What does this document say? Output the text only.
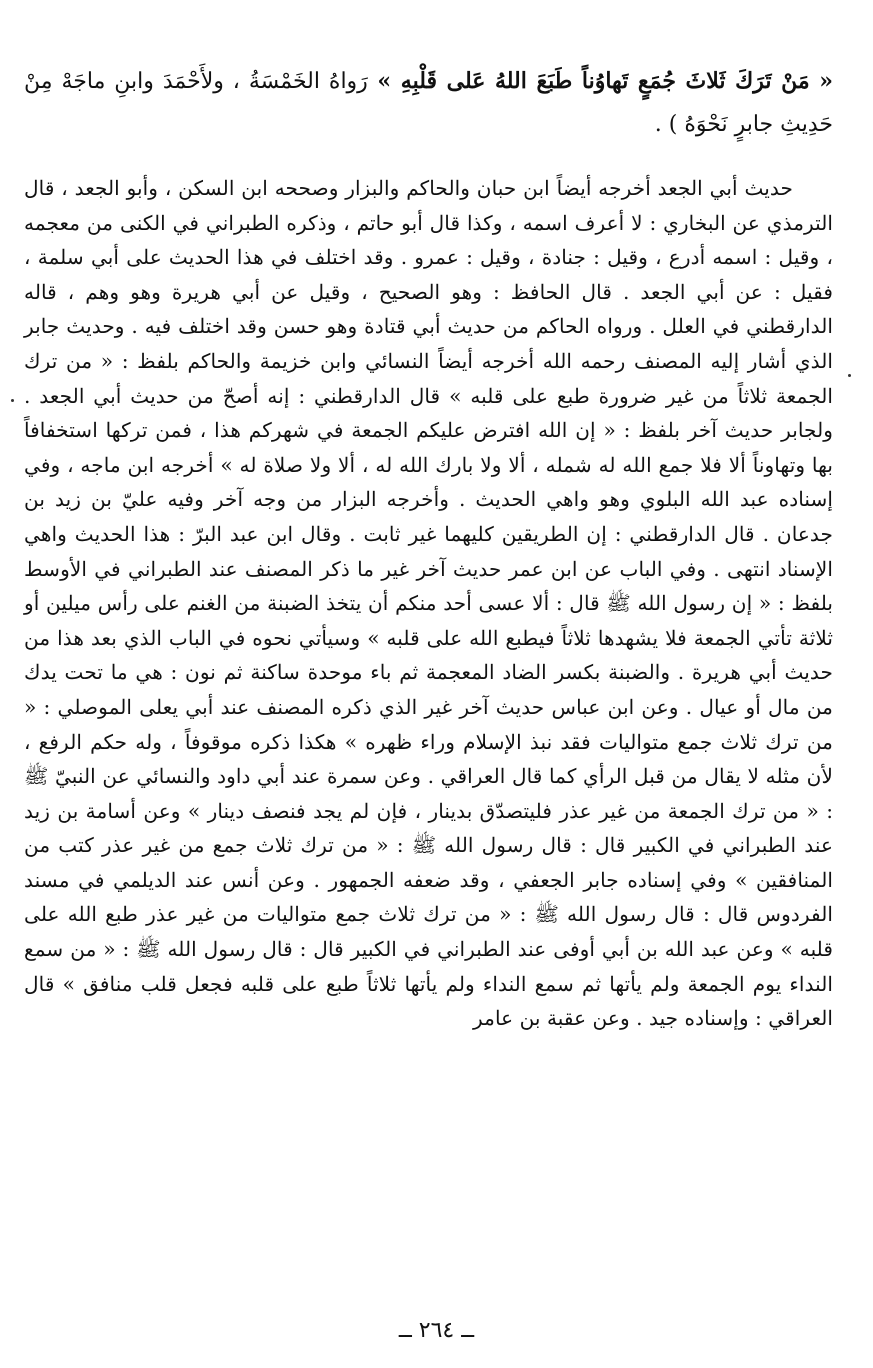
« مَنْ تَرَكَ ثَلاثَ جُمَعٍ تَهاوُناً طَبَعَ اللهُ عَلى قَلْبِهِ » رَواهُ الخَمْسَةُ ، ولأَحْمَدَ وابنِ ماجَهْ مِنْ حَدِيثِ جابرٍ نَحْوَهُ ) .

حديث أبي الجعد أخرجه أيضاً ابن حبان والحاكم والبزار وصححه ابن السكن ، وأبو الجعد ، قال الترمذي عن البخاري : لا أعرف اسمه ، وكذا قال أبو حاتم ، وذكره الطبراني في الكنى من معجمه ، وقيل : اسمه أدرع ، وقيل : جنادة ، وقيل : عمرو . وقد اختلف في هذا الحديث على أبي سلمة ، فقيل : عن أبي الجعد . قال الحافظ : وهو الصحيح ، وقيل عن أبي هريرة وهو وهم ، قاله الدارقطني في العلل . ورواه الحاكم من حديث أبي قتادة وهو حسن وقد اختلف فيه . وحديث جابر الذي أشار إليه المصنف رحمه الله أخرجه أيضاً النسائي وابن خزيمة والحاكم بلفظ : « من ترك الجمعة ثلاثاً من غير ضرورة طبع على قلبه » قال الدارقطني : إنه أصحّ من حديث أبي الجعد . ولجابر حديث آخر بلفظ : « إن الله افترض عليكم الجمعة في شهركم هذا ، فمن تركها استخفافاً بها وتهاوناً ألا فلا جمع الله له شمله ، ألا ولا بارك الله له ، ألا ولا صلاة له » أخرجه ابن ماجه ، وفي إسناده عبد الله البلوي وهو واهي الحديث . وأخرجه البزار من وجه آخر وفيه عليّ بن زيد بن جدعان . قال الدارقطني : إن الطريقين كليهما غير ثابت . وقال ابن عبد البرّ : هذا الحديث واهي الإسناد انتهى . وفي الباب عن ابن عمر حديث آخر غير ما ذكر المصنف عند الطبراني في الأوسط بلفظ : « إن رسول الله ﷺ قال : ألا عسى أحد منكم أن يتخذ الضبنة من الغنم على رأس ميلين أو ثلاثة تأتي الجمعة فلا يشهدها ثلاثاً فيطبع الله على قلبه » وسيأتي نحوه في الباب الذي بعد هذا من حديث أبي هريرة . والضبنة بكسر الضاد المعجمة ثم باء موحدة ساكنة ثم نون : هي ما تحت يدك من مال أو عيال . وعن ابن عباس حديث آخر غير الذي ذكره المصنف عند أبي يعلى الموصلي : « من ترك ثلاث جمع متواليات فقد نبذ الإسلام وراء ظهره » هكذا ذكره موقوفاً ، وله حكم الرفع ، لأن مثله لا يقال من قبل الرأي كما قال العراقي . وعن سمرة عند أبي داود والنسائي عن النبيّ ﷺ : « من ترك الجمعة من غير عذر فليتصدّق بدينار ، فإن لم يجد فنصف دينار » وعن أسامة بن زيد عند الطبراني في الكبير قال : قال رسول الله ﷺ : « من ترك ثلاث جمع من غير عذر كتب من المنافقين » وفي إسناده جابر الجعفي ، وقد ضعفه الجمهور . وعن أنس عند الديلمي في مسند الفردوس قال : قال رسول الله ﷺ : « من ترك ثلاث جمع متواليات من غير عذر طبع الله على قلبه » وعن عبد الله بن أبي أوفى عند الطبراني في الكبير قال : قال رسول الله ﷺ : « من سمع النداء يوم الجمعة ولم يأتها ثم سمع النداء ولم يأتها ثلاثاً طبع على قلبه فجعل قلب منافق » قال العراقي : وإسناده جيد . وعن عقبة بن عامر

ــ ٢٦٤ ــ
